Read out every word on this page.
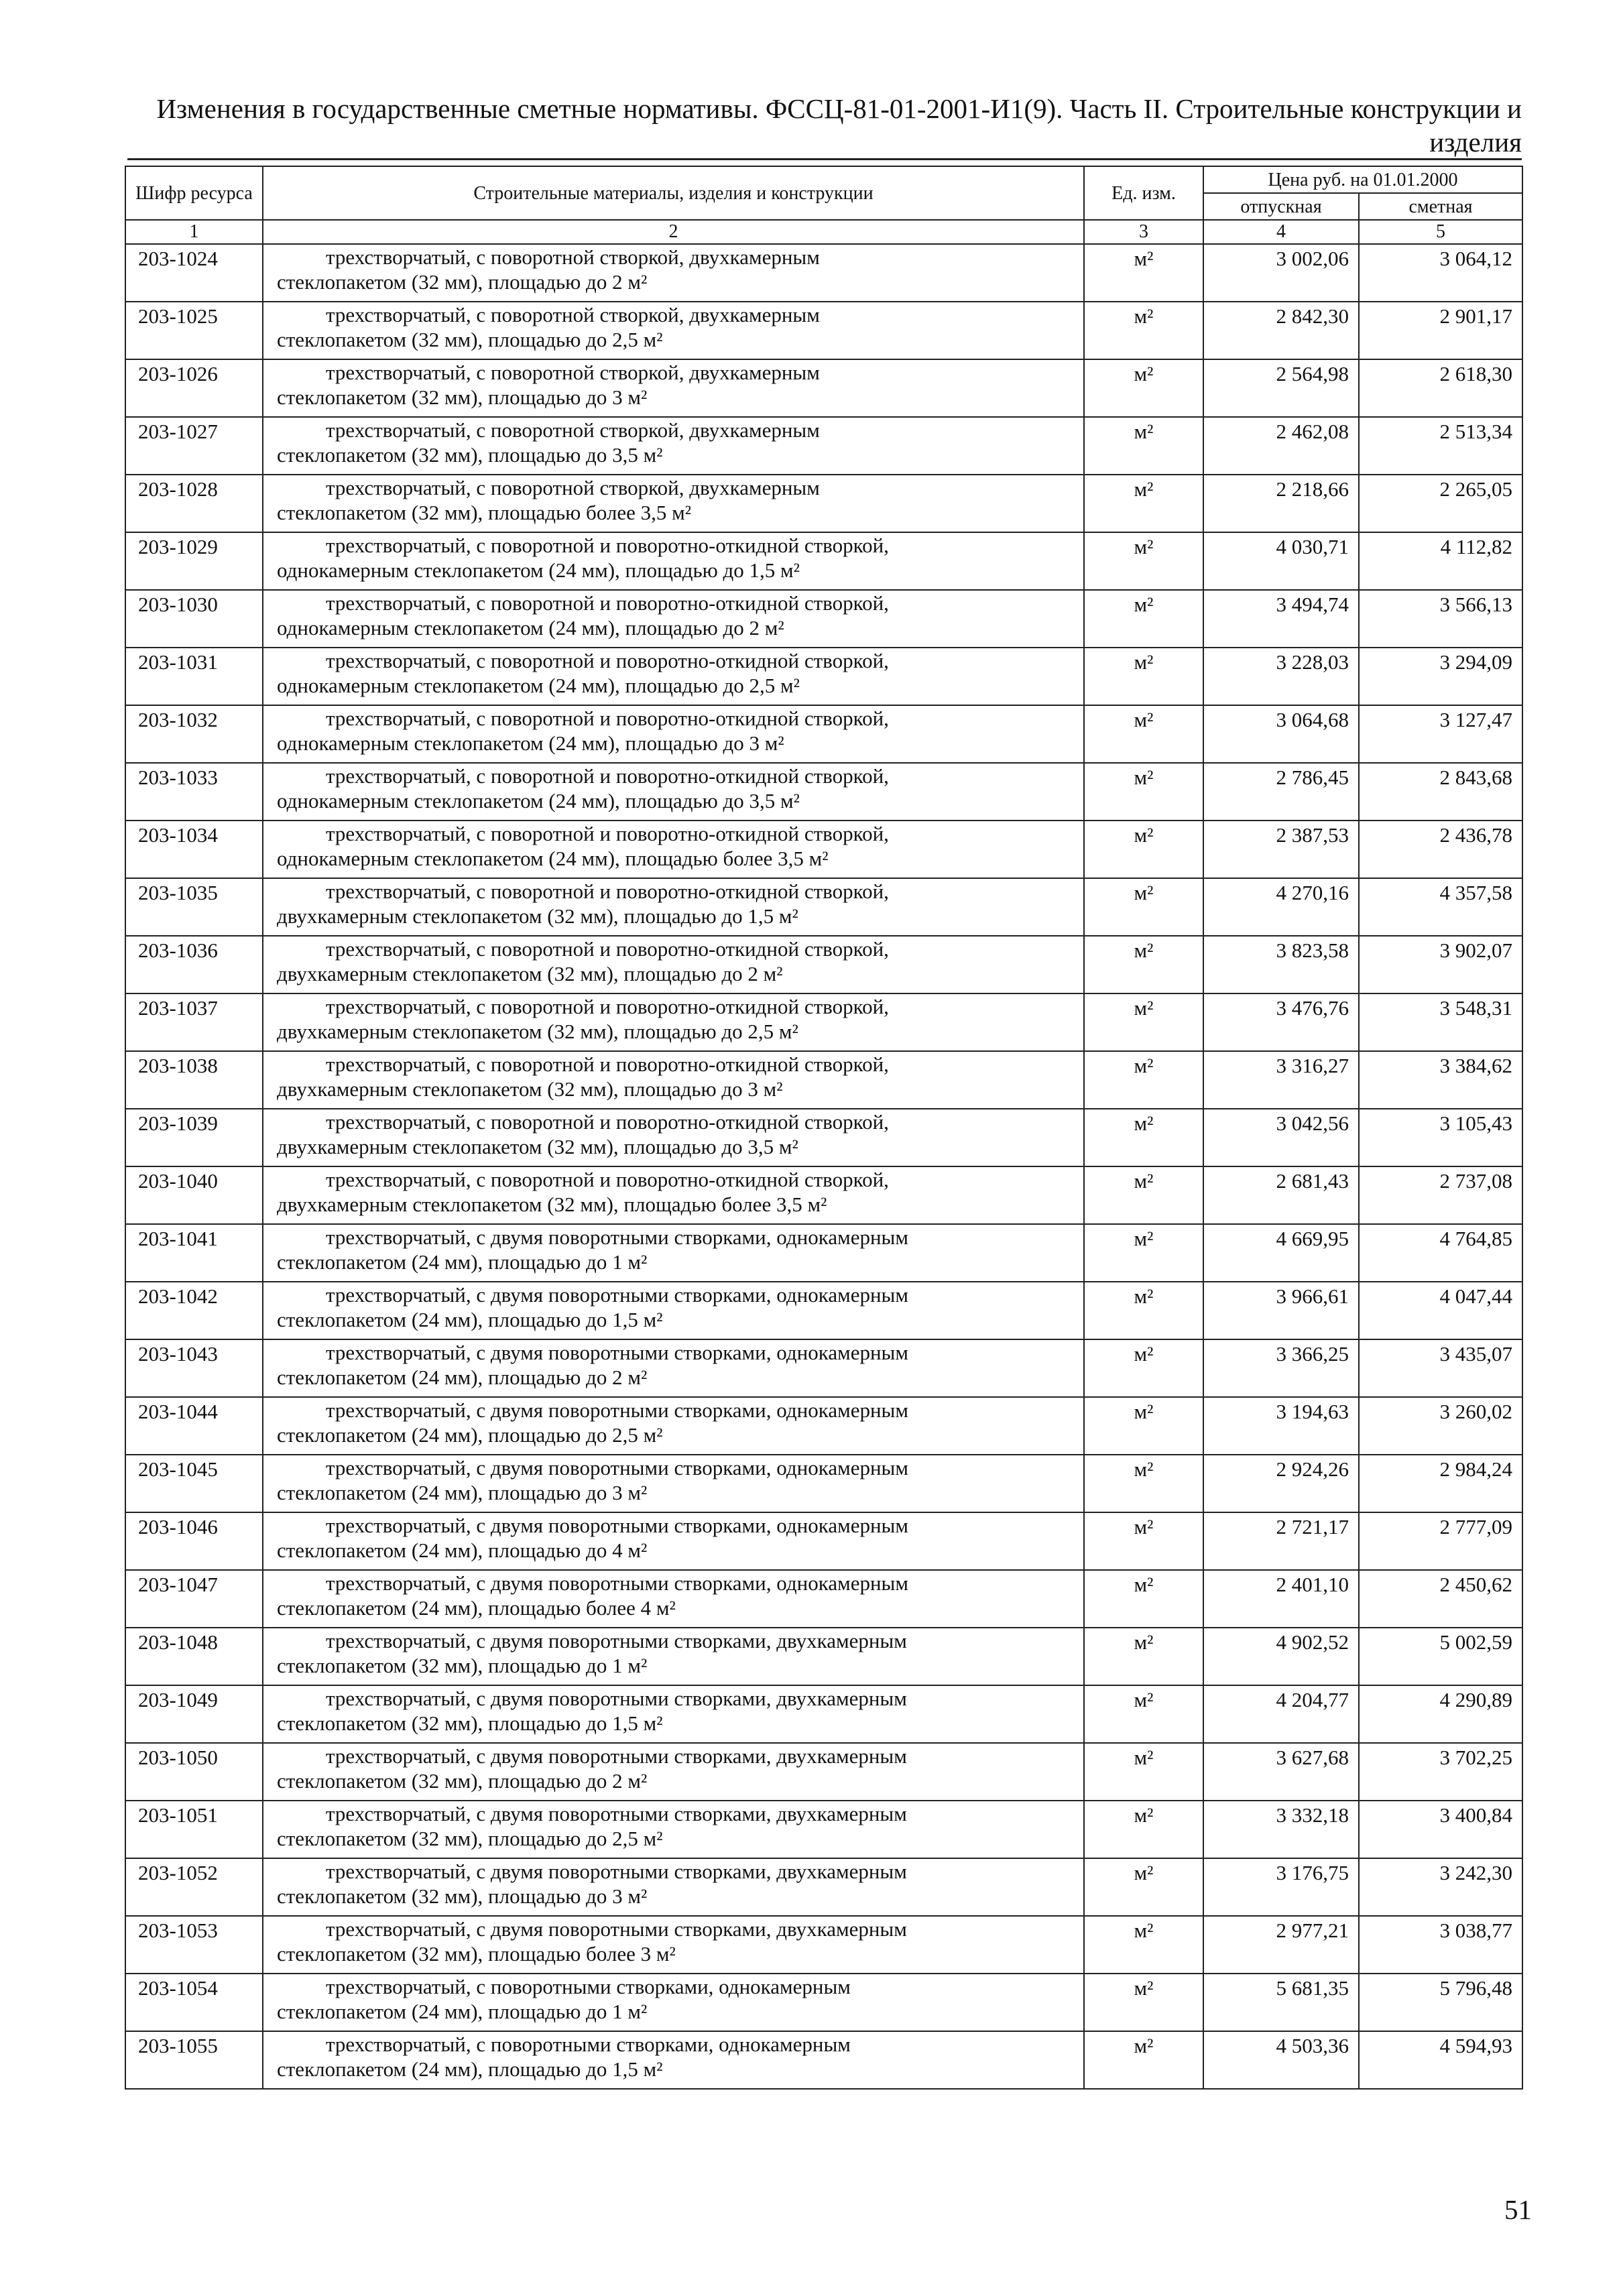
Изменения в государственные сметные нормативы. ФССЦ-81-01-2001-И1(9). Часть II. Строительные конструкции и
изделия
Шифр ресурса	Строительные материалы, изделия и конструкции	Ед. изм.	Цена руб. на 01.01.2000	
			отпускная	сметная
1	2	3	4	5
203-1024	трехстворчатый, с поворотной створкой, двухкамерным
стеклопакетом (32 мм), площадью до 2 м²	м²	3 002,06	3 064,12
203-1025	трехстворчатый, с поворотной створкой, двухкамерным
стеклопакетом (32 мм), площадью до 2,5 м²	м²	2 842,30	2 901,17
203-1026	трехстворчатый, с поворотной створкой, двухкамерным
стеклопакетом (32 мм), площадью до 3 м²	м²	2 564,98	2 618,30
203-1027	трехстворчатый, с поворотной створкой, двухкамерным
стеклопакетом (32 мм), площадью до 3,5 м²	м²	2 462,08	2 513,34
203-1028	трехстворчатый, с поворотной створкой, двухкамерным
стеклопакетом (32 мм), площадью более 3,5 м²	м²	2 218,66	2 265,05
203-1029	трехстворчатый, с поворотной и поворотно-откидной створкой,
однокамерным стеклопакетом (24 мм), площадью до 1,5 м²	м²	4 030,71	4 112,82
203-1030	трехстворчатый, с поворотной и поворотно-откидной створкой,
однокамерным стеклопакетом (24 мм), площадью до 2 м²	м²	3 494,74	3 566,13
203-1031	трехстворчатый, с поворотной и поворотно-откидной створкой,
однокамерным стеклопакетом (24 мм), площадью до 2,5 м²	м²	3 228,03	3 294,09
203-1032	трехстворчатый, с поворотной и поворотно-откидной створкой,
однокамерным стеклопакетом (24 мм), площадью до 3 м²	м²	3 064,68	3 127,47
203-1033	трехстворчатый, с поворотной и поворотно-откидной створкой,
однокамерным стеклопакетом (24 мм), площадью до 3,5 м²	м²	2 786,45	2 843,68
203-1034	трехстворчатый, с поворотной и поворотно-откидной створкой,
однокамерным стеклопакетом (24 мм), площадью более 3,5 м²	м²	2 387,53	2 436,78
203-1035	трехстворчатый, с поворотной и поворотно-откидной створкой,
двухкамерным стеклопакетом (32 мм), площадью до 1,5 м²	м²	4 270,16	4 357,58
203-1036	трехстворчатый, с поворотной и поворотно-откидной створкой,
двухкамерным стеклопакетом (32 мм), площадью до 2 м²	м²	3 823,58	3 902,07
203-1037	трехстворчатый, с поворотной и поворотно-откидной створкой,
двухкамерным стеклопакетом (32 мм), площадью до 2,5 м²	м²	3 476,76	3 548,31
203-1038	трехстворчатый, с поворотной и поворотно-откидной створкой,
двухкамерным стеклопакетом (32 мм), площадью до 3 м²	м²	3 316,27	3 384,62
203-1039	трехстворчатый, с поворотной и поворотно-откидной створкой,
двухкамерным стеклопакетом (32 мм), площадью до 3,5 м²	м²	3 042,56	3 105,43
203-1040	трехстворчатый, с поворотной и поворотно-откидной створкой,
двухкамерным стеклопакетом (32 мм), площадью более 3,5 м²	м²	2 681,43	2 737,08
203-1041	трехстворчатый, с двумя поворотными створками, однокамерным
стеклопакетом (24 мм), площадью до 1 м²	м²	4 669,95	4 764,85
203-1042	трехстворчатый, с двумя поворотными створками, однокамерным
стеклопакетом (24 мм), площадью до 1,5 м²	м²	3 966,61	4 047,44
203-1043	трехстворчатый, с двумя поворотными створками, однокамерным
стеклопакетом (24 мм), площадью до 2 м²	м²	3 366,25	3 435,07
203-1044	трехстворчатый, с двумя поворотными створками, однокамерным
стеклопакетом (24 мм), площадью до 2,5 м²	м²	3 194,63	3 260,02
203-1045	трехстворчатый, с двумя поворотными створками, однокамерным
стеклопакетом (24 мм), площадью до 3 м²	м²	2 924,26	2 984,24
203-1046	трехстворчатый, с двумя поворотными створками, однокамерным
стеклопакетом (24 мм), площадью до 4 м²	м²	2 721,17	2 777,09
203-1047	трехстворчатый, с двумя поворотными створками, однокамерным
стеклопакетом (24 мм), площадью более 4 м²	м²	2 401,10	2 450,62
203-1048	трехстворчатый, с двумя поворотными створками, двухкамерным
стеклопакетом (32 мм), площадью до 1 м²	м²	4 902,52	5 002,59
203-1049	трехстворчатый, с двумя поворотными створками, двухкамерным
стеклопакетом (32 мм), площадью до 1,5 м²	м²	4 204,77	4 290,89
203-1050	трехстворчатый, с двумя поворотными створками, двухкамерным
стеклопакетом (32 мм), площадью до 2 м²	м²	3 627,68	3 702,25
203-1051	трехстворчатый, с двумя поворотными створками, двухкамерным
стеклопакетом (32 мм), площадью до 2,5 м²	м²	3 332,18	3 400,84
203-1052	трехстворчатый, с двумя поворотными створками, двухкамерным
стеклопакетом (32 мм), площадью до 3 м²	м²	3 176,75	3 242,30
203-1053	трехстворчатый, с двумя поворотными створками, двухкамерным
стеклопакетом (32 мм), площадью более 3 м²	м²	2 977,21	3 038,77
203-1054	трехстворчатый, с поворотными створками, однокамерным
стеклопакетом (24 мм), площадью до 1 м²	м²	5 681,35	5 796,48
203-1055	трехстворчатый, с поворотными створками, однокамерным
стеклопакетом (24 мм), площадью до 1,5 м²	м²	4 503,36	4 594,93
51
